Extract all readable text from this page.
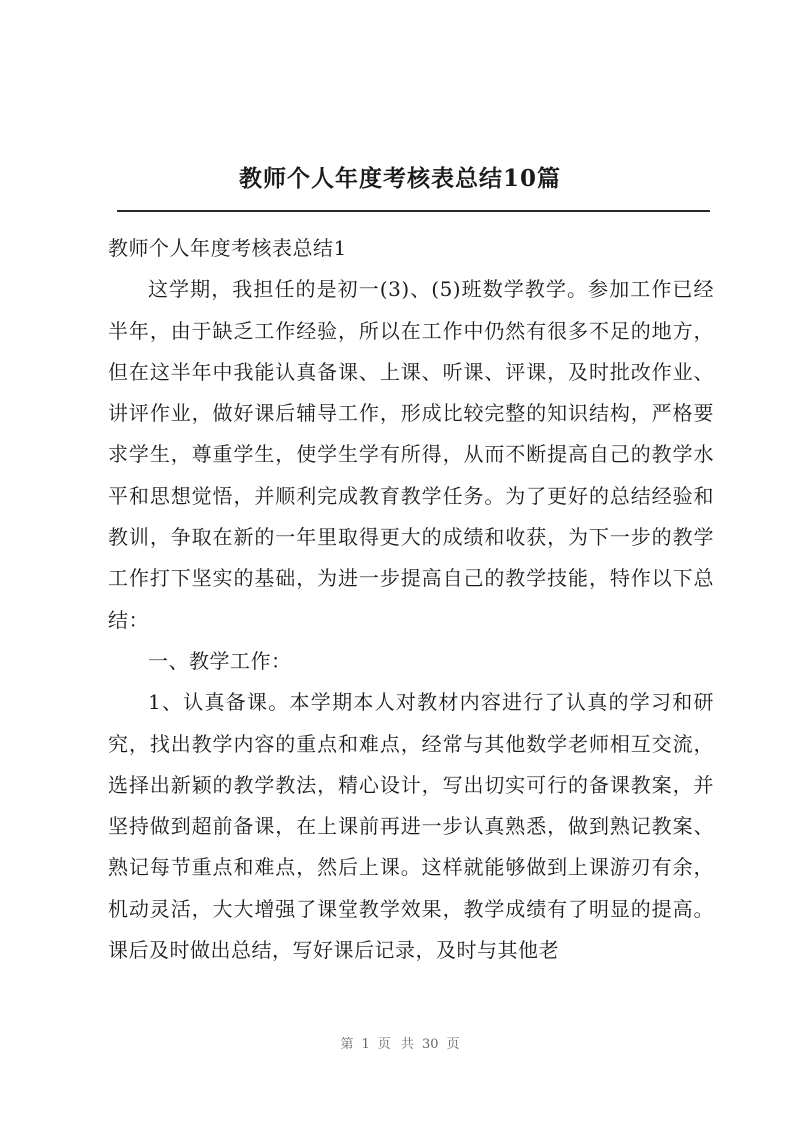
教师个人年度考核表总结10篇

教师个人年度考核表总结1

这学期，我担任的是初一(3)、(5)班数学教学。参加工作已经半年，由于缺乏工作经验，所以在工作中仍然有很多不足的地方，但在这半年中我能认真备课、上课、听课、评课，及时批改作业、讲评作业，做好课后辅导工作，形成比较完整的知识结构，严格要求学生，尊重学生，使学生学有所得，从而不断提高自己的教学水平和思想觉悟，并顺利完成教育教学任务。为了更好的总结经验和教训，争取在新的一年里取得更大的成绩和收获，为下一步的教学工作打下坚实的基础，为进一步提高自己的教学技能，特作以下总结：

一、教学工作：

1、认真备课。本学期本人对教材内容进行了认真的学习和研究，找出教学内容的重点和难点，经常与其他数学老师相互交流，选择出新颖的教学教法，精心设计，写出切实可行的备课教案，并坚持做到超前备课，在上课前再进一步认真熟悉，做到熟记教案、熟记每节重点和难点，然后上课。这样就能够做到上课游刃有余，机动灵活，大大增强了课堂教学效果，教学成绩有了明显的提高。课后及时做出总结，写好课后记录，及时与其他老

第 1 页 共 30 页
